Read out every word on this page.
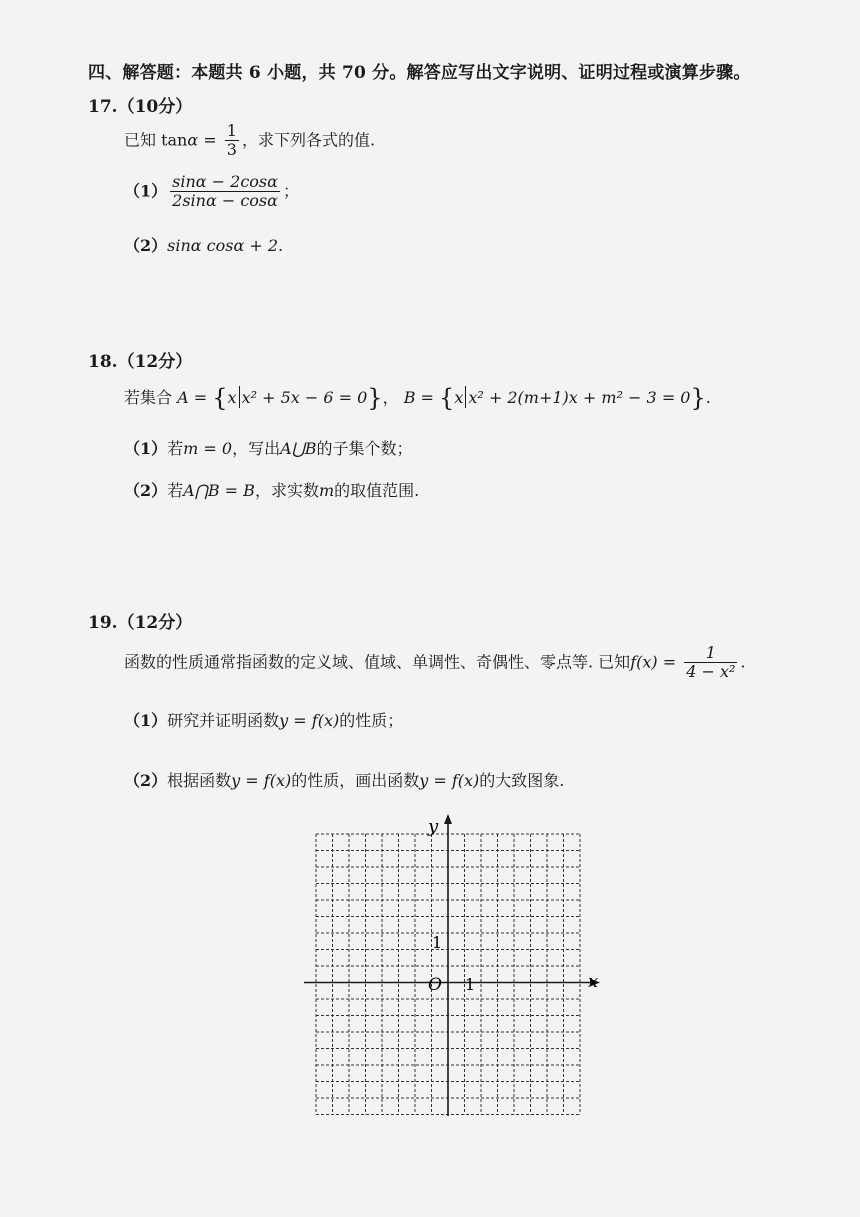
四、解答题：本题共 6 小题，共 70 分。解答应写出文字说明、证明过程或演算步骤。
17.（10分）
已知 $\tan\alpha = \frac{1}{3}$ ，求下列各式的值.
$(1) \frac{\sin\alpha - 2\cos\alpha}{2\sin\alpha - \cos\alpha}$ ；
（2）sinα cosα + 2.
18.（12分）
若集合 A = {x x² + 5x − 6 = 0}， B = {x x² + 2(m+1)x + m² − 3 = 0}.
（1）若m = 0，写出A⋃B的子集个数；
（2）若A⋂B = B，求实数m的取值范围.
19.（12分）
函数的性质通常指函数的定义域、值域、单调性、奇偶性、零点等. 已知$f(x) = \frac{1}{\text{4 − x²}}$ .
（1）研究并证明函数y = f(x)的性质；
（2）根据函数y = f(x)的性质，画出函数y = f(x)的大致图象.
y
x
O 1
1
